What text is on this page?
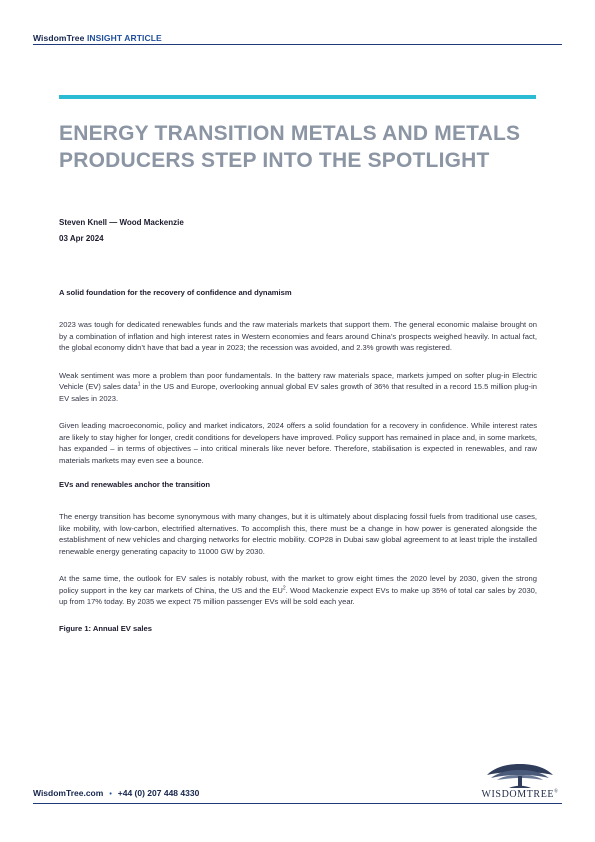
WisdomTree INSIGHT ARTICLE
ENERGY TRANSITION METALS AND METALS PRODUCERS STEP INTO THE SPOTLIGHT
Steven Knell — Wood Mackenzie
03 Apr 2024

A solid foundation for the recovery of confidence and dynamism

2023 was tough for dedicated renewables funds and the raw materials markets that support them. The general economic malaise brought on by a combination of inflation and high interest rates in Western economies and fears around China’s prospects weighed heavily. In actual fact, the global economy didn’t have that bad a year in 2023; the recession was avoided, and 2.3% growth was registered.

Weak sentiment was more a problem than poor fundamentals. In the battery raw materials space, markets jumped on softer plug-in Electric Vehicle (EV) sales data$^1$ in the US and Europe, overlooking annual global EV sales growth of 36% that resulted in a record 15.5 million plug-in EV sales in 2023.

Given leading macroeconomic, policy and market indicators, 2024 offers a solid foundation for a recovery in confidence. While interest rates are likely to stay higher for longer, credit conditions for developers have improved. Policy support has remained in place and, in some markets, has expanded – in terms of objectives – into critical minerals like never before. Therefore, stabilisation is expected in renewables, and raw materials markets may even see a bounce.

EVs and renewables anchor the transition

The energy transition has become synonymous with many changes, but it is ultimately about displacing fossil fuels from traditional use cases, like mobility, with low-carbon, electrified alternatives. To accomplish this, there must be a change in how power is generated alongside the establishment of new vehicles and charging networks for electric mobility. COP28 in Dubai saw global agreement to at least triple the installed renewable energy generating capacity to 11000 GW by 2030.

At the same time, the outlook for EV sales is notably robust, with the market to grow eight times the 2020 level by 2030, given the strong policy support in the key car markets of China, the US and the $EU^2$. Wood Mackenzie expect EVs to make up 35% of total car sales by 2030, up from 17% today. By 2035 we expect 75 million passenger EVs will be sold each year.

Figure 1: Annual EV sales

WisdomTree.com • +44 (0) 207 448 4330	WISDOMTREE®
